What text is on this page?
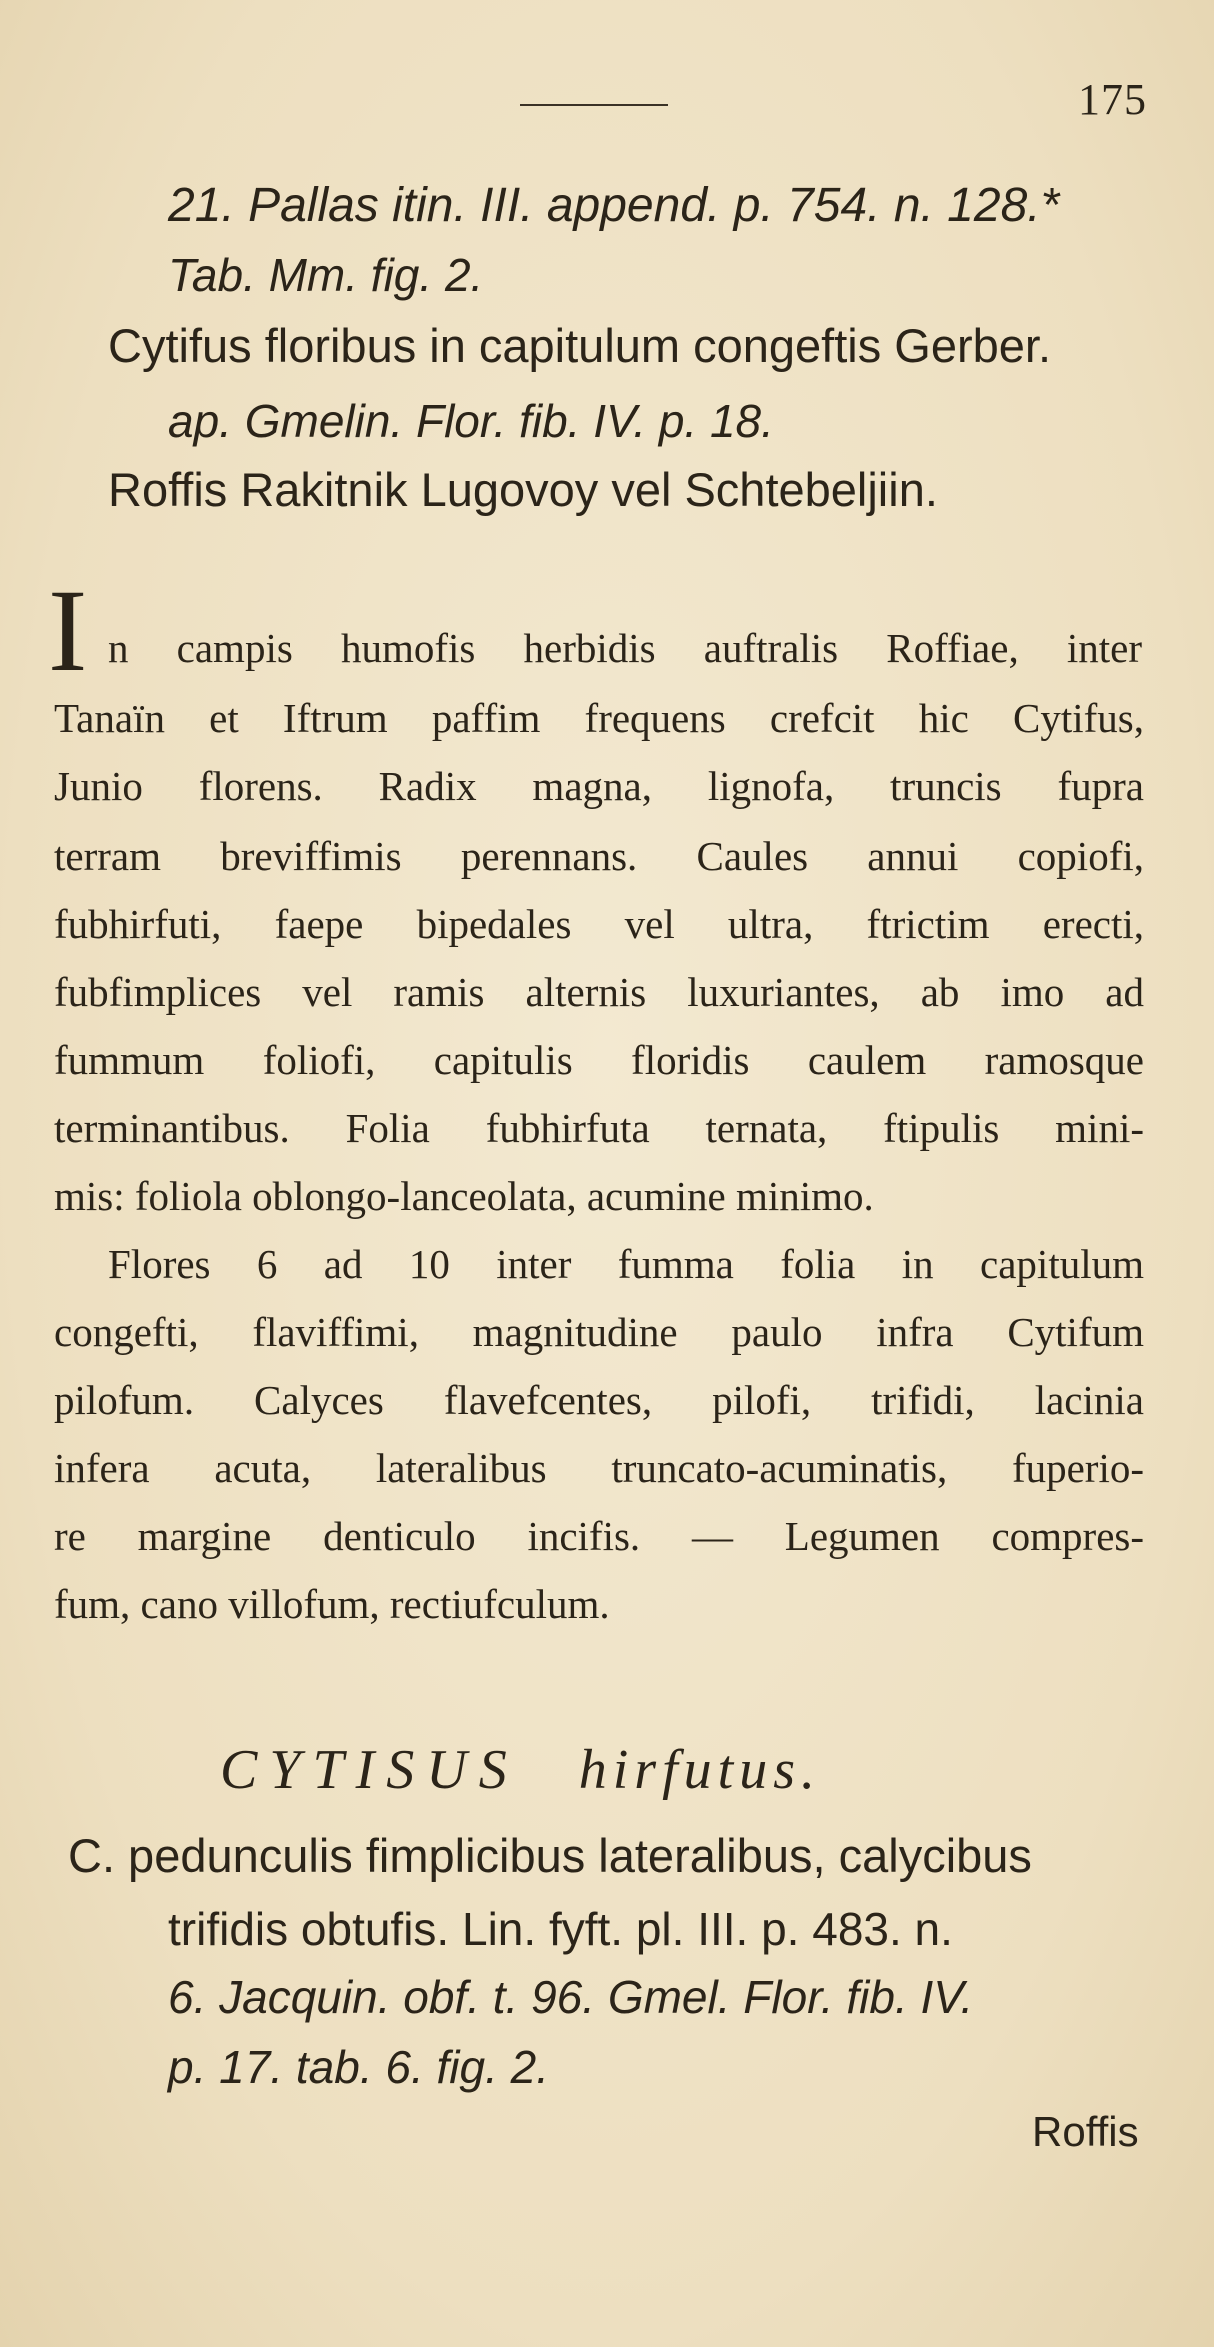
175
21. Pallas itin. III. append. p. 754. n. 128.*
Tab. Mm. fig. 2.
Cytifus floribus in capitulum congeftis Gerber.
ap. Gmelin. Flor. fib. IV. p. 18.
Roffis Rakitnik Lugovoy vel Schtebeljiin.
I n campis humofis herbidis auftralis Roffiae, inter
Tanaïn et Iftrum paffim frequens crefcit hic Cytifus,
Junio florens. Radix magna, lignofa, truncis fupra
terram breviffimis perennans. Caules annui copiofi,
fubhirfuti, faepe bipedales vel ultra, ftrictim erecti,
fubfimplices vel ramis alternis luxuriantes, ab imo ad
fummum foliofi, capitulis floridis caulem ramosque
terminantibus. Folia fubhirfuta ternata, ftipulis mini-
mis: foliola oblongo-lanceolata, acumine minimo.
Flores 6 ad 10 inter fumma folia in capitulum
congefti, flaviffimi, magnitudine paulo infra Cytifum
pilofum. Calyces flavefcentes, pilofi, trifidi, lacinia
infera acuta, lateralibus truncato-acuminatis, fuperio-
re margine denticulo incifis. — Legumen compres-
fum, cano villofum, rectiufculum.
CYTISUS hirfutus.
C. pedunculis fimplicibus lateralibus, calycibus
trifidis obtufis. Lin. fyft. pl. III. p. 483. n.
6. Jacquin. obf. t. 96. Gmel. Flor. fib. IV.
p. 17. tab. 6. fig. 2.
Roffis
